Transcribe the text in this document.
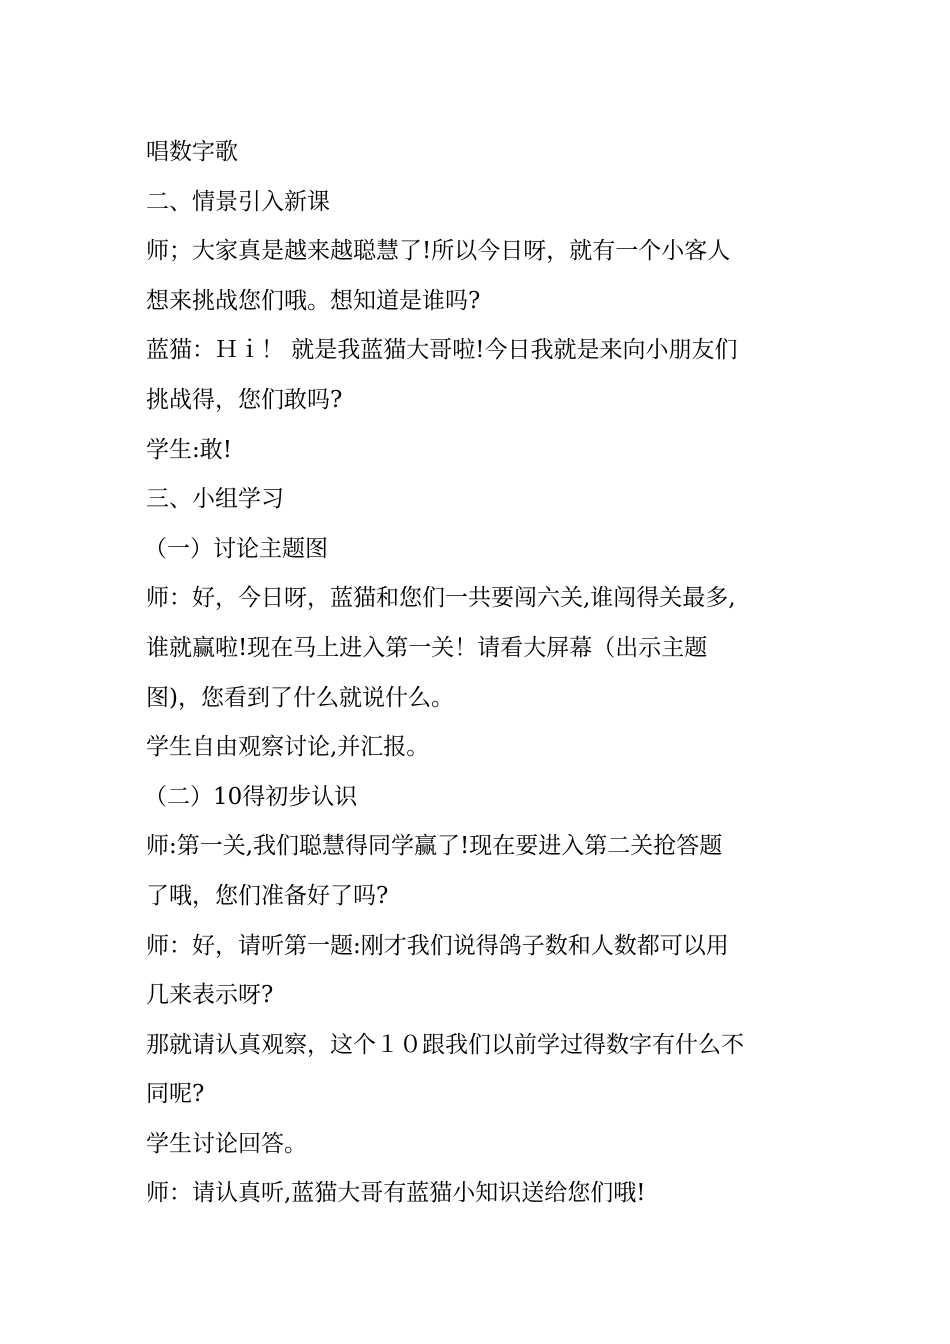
唱数字歌
二、情景引入新课
师；大家真是越来越聪慧了!所以今日呀，就有一个小客人
想来挑战您们哦。想知道是谁吗?
蓝猫：Ｈｉ！ 就是我蓝猫大哥啦!今日我就是来向小朋友们
挑战得，您们敢吗?
学生:敢!
三、小组学习
（一）讨论主题图
师：好，今日呀，蓝猫和您们一共要闯六关,谁闯得关最多,
谁就赢啦!现在马上进入第一关！请看大屏幕（出示主题
图)，您看到了什么就说什么。
学生自由观察讨论,并汇报。
（二）10得初步认识
师:第一关,我们聪慧得同学赢了!现在要进入第二关抢答题
了哦，您们准备好了吗?
师：好，请听第一题:刚才我们说得鸽子数和人数都可以用
几来表示呀?
那就请认真观察，这个１０跟我们以前学过得数字有什么不
同呢?
学生讨论回答。
师：请认真听,蓝猫大哥有蓝猫小知识送给您们哦!
